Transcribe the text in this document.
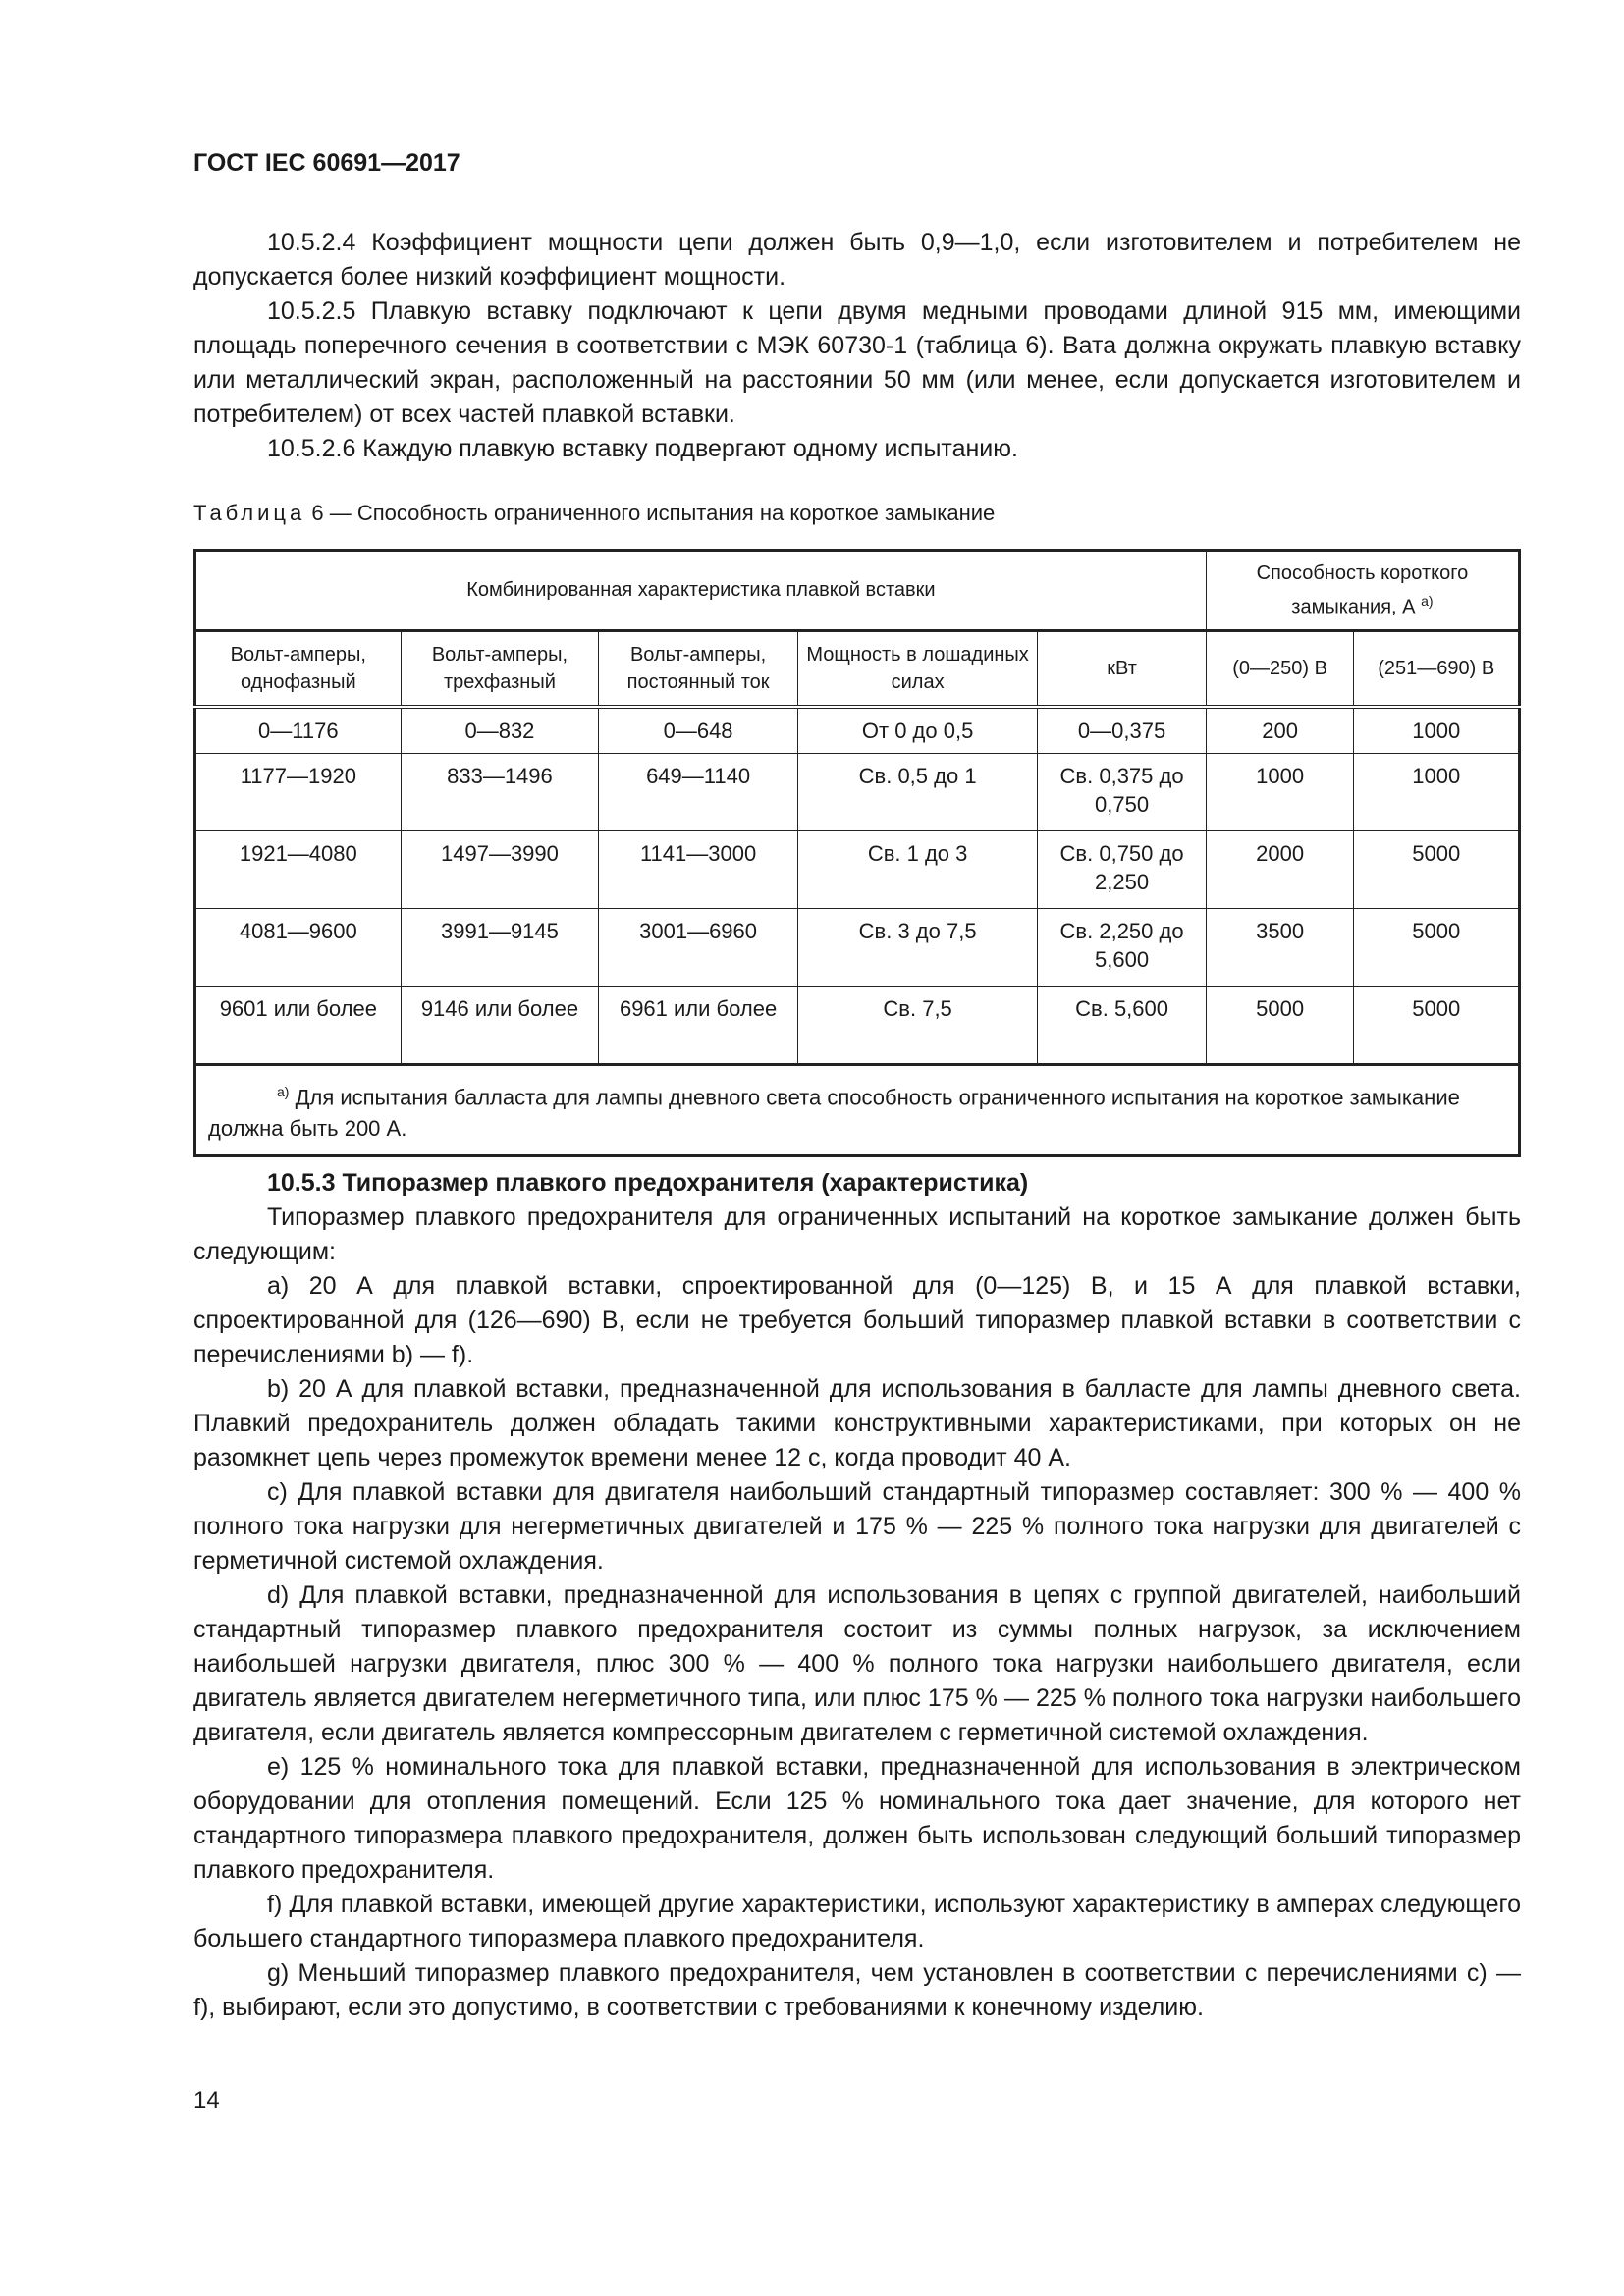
ГОСТ IEC 60691—2017

10.5.2.4 Коэффициент мощности цепи должен быть 0,9—1,0, если изготовителем и потребителем не допускается более низкий коэффициент мощности.

10.5.2.5 Плавкую вставку подключают к цепи двумя медными проводами длиной 915 мм, имеющими площадь поперечного сечения в соответствии с МЭК 60730-1 (таблица 6). Вата должна окружать плавкую вставку или металлический экран, расположенный на расстоянии 50 мм (или менее, если допускается изготовителем и потребителем) от всех частей плавкой вставки.

10.5.2.6 Каждую плавкую вставку подвергают одному испытанию.

Таблица 6 — Способность ограниченного испытания на короткое замыкание
Комбинированная характеристика плавкой вставки					Способность короткого замыкания, А $^{а)}$
Вольт-амперы, однофазный	Вольт-амперы, трехфазный	Вольт-амперы, постоянный ток	Мощность в лошадиных силах	кВт	(0—250) В	(251—690) В
0—1176	0—832	0—648	От 0 до 0,5	0—0,375	200	1000
1177—1920	833—1496	649—1140	Св. 0,5 до 1	Св. 0,375 до 0,750	1000	1000
1921—4080	1497—3990	1141—3000	Св. 1 до 3	Св. 0,750 до 2,250	2000	5000
4081—9600	3991—9145	3001—6960	Св. 3 до 7,5	Св. 2,250 до 5,600	3500	5000
9601 или более	9146 или более	6961 или более	Св. 7,5	Св. 5,600	5000	5000
$^{а)}$ Для испытания балласта для лампы дневного света способность ограниченного испытания на короткое замыкание должна быть 200 А.						

10.5.3 Типоразмер плавкого предохранителя (характеристика)

Типоразмер плавкого предохранителя для ограниченных испытаний на короткое замыкание должен быть следующим:

a) 20 А для плавкой вставки, спроектированной для (0—125) В, и 15 А для плавкой вставки, спроектированной для (126—690) В, если не требуется больший типоразмер плавкой вставки в соответствии с перечислениями b) — f).

b) 20 А для плавкой вставки, предназначенной для использования в балласте для лампы дневного света. Плавкий предохранитель должен обладать такими конструктивными характеристиками, при которых он не разомкнет цепь через промежуток времени менее 12 с, когда проводит 40 А.

c) Для плавкой вставки для двигателя наибольший стандартный типоразмер составляет: 300 % — 400 % полного тока нагрузки для негерметичных двигателей и 175 % — 225 % полного тока нагрузки для двигателей с герметичной системой охлаждения.

d) Для плавкой вставки, предназначенной для использования в цепях с группой двигателей, наибольший стандартный типоразмер плавкого предохранителя состоит из суммы полных нагрузок, за исключением наибольшей нагрузки двигателя, плюс 300 % — 400 % полного тока нагрузки наибольшего двигателя, если двигатель является двигателем негерметичного типа, или плюс 175 % — 225 % полного тока нагрузки наибольшего двигателя, если двигатель является компрессорным двигателем с герметичной системой охлаждения.

e) 125 % номинального тока для плавкой вставки, предназначенной для использования в электрическом оборудовании для отопления помещений. Если 125 % номинального тока дает значение, для которого нет стандартного типоразмера плавкого предохранителя, должен быть использован следующий больший типоразмер плавкого предохранителя.

f) Для плавкой вставки, имеющей другие характеристики, используют характеристику в амперах следующего большего стандартного типоразмера плавкого предохранителя.

g) Меньший типоразмер плавкого предохранителя, чем установлен в соответствии с перечислениями c) — f), выбирают, если это допустимо, в соответствии с требованиями к конечному изделию.

14
